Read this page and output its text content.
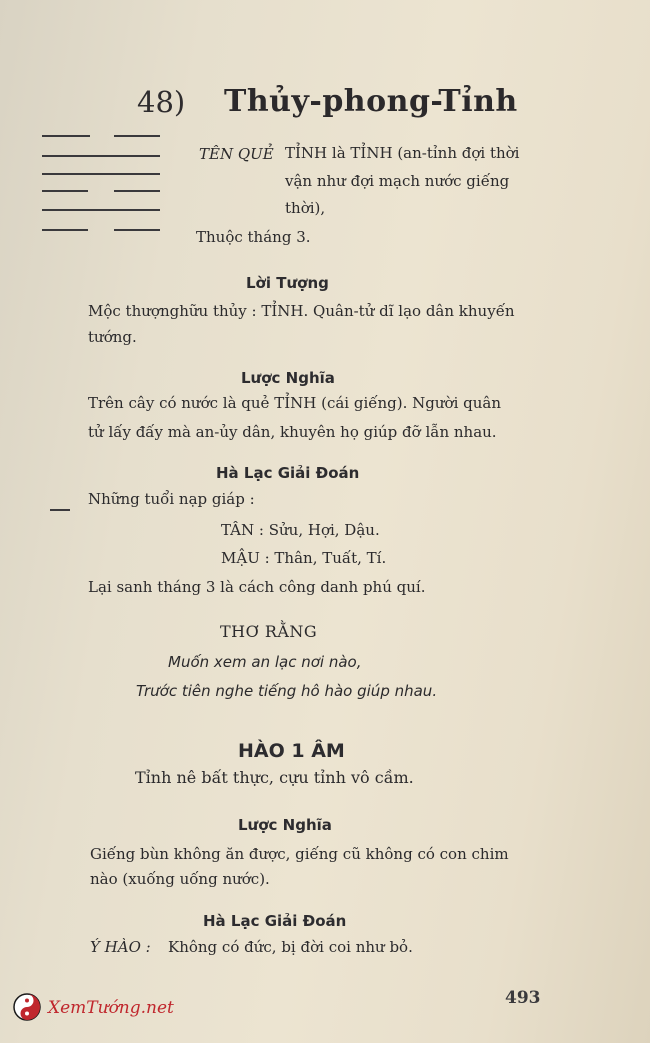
48) Thủy-phong-Tỉnh
TÊN QUẺ TỈNH là TỈNH (an-tỉnh đợi thời
vận như đợi mạch nước giếng
thời),
Thuộc tháng 3.
Lời Tượng
Mộc thượnghữu thủy : TỈNH. Quân-tử dĩ lạo dân khuyến
tướng.
Lược Nghĩa
Trên cây có nước là quẻ TỈNH (cái giếng). Người quân
tử lấy đấy mà an-ủy dân, khuyên họ giúp đỡ lẫn nhau.
Hà Lạc Giải Đoán
Những tuổi nạp giáp :
TÂN : Sửu, Hợi, Dậu.
MẬU : Thân, Tuất, Tí.
Lại sanh tháng 3 là cách công danh phú quí.
THƠ RẰNG
Muốn xem an lạc nơi nào,
Trước tiên nghe tiếng hô hào giúp nhau.
HÀO 1 ÂM
Tỉnh nê bất thực, cựu tỉnh vô cầm.
Lược Nghĩa
Giếng bùn không ăn được, giếng cũ không có con chim
nào (xuống uống nước).
Hà Lạc Giải Đoán
Ý HÀO : Không có đức, bị đời coi như bỏ.
XemTướng.net	493
